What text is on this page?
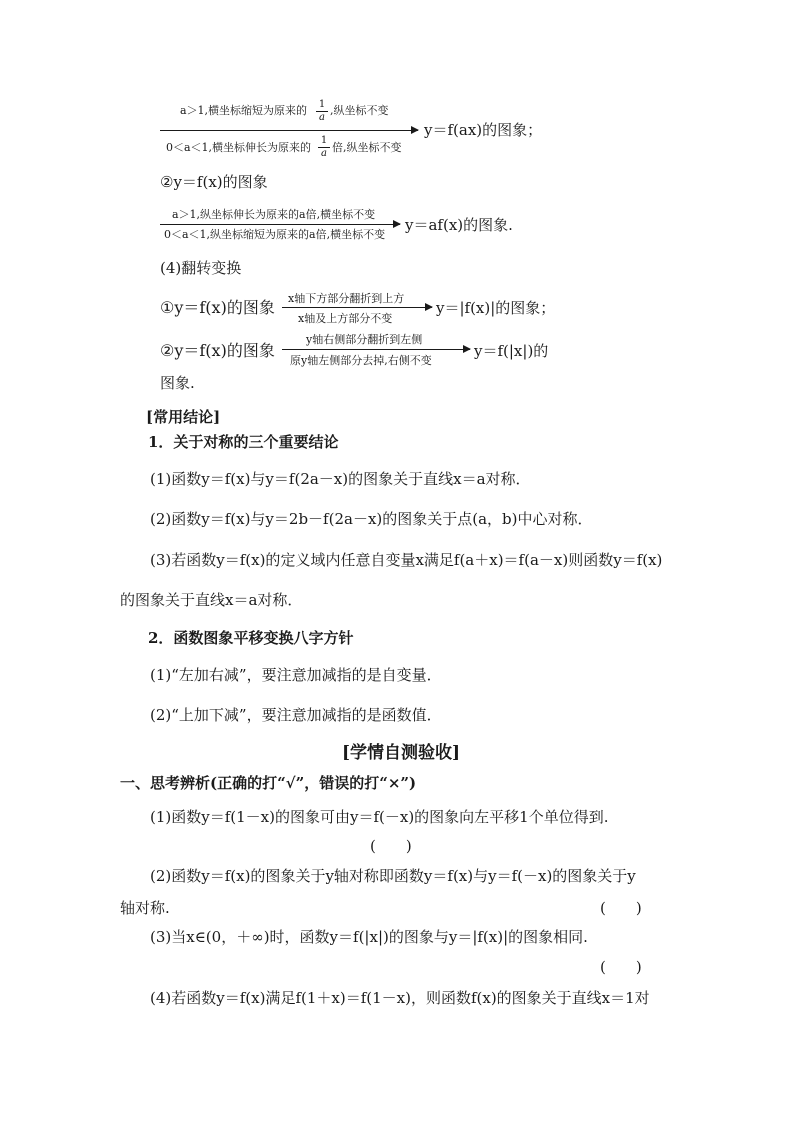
a＞1,横坐标缩短为原来的 $\frac{1}{a}$ ,纵坐标不变
y＝f(ax)的图象；
0＜a＜1,横坐标伸长为原来的 $\frac{1}{a}$ 倍,纵坐标不变
②y＝f(x)的图象
a＞1,纵坐标伸长为原来的a倍,横坐标不变
y＝af(x)的图象.
0＜a＜1,纵坐标缩短为原来的a倍,横坐标不变
(4)翻转变换
①y＝f(x)的图象 x轴下方部分翻折到上方
y＝|f(x)|的图象；
x轴及上方部分不变
②y＝f(x)的图象
y轴右侧部分翻折到左侧
y＝f(|x|)的
原y轴左侧部分去掉,右侧不变
图象.
[常用结论]
1．关于对称的三个重要结论
(1)函数y＝f(x)与y＝f(2a－x)的图象关于直线x＝a对称．
(2)函数y＝f(x)与y＝2b－f(2a－x)的图象关于点(a，b)中心对称．
(3)若函数y＝f(x)的定义域内任意自变量x满足f(a＋x)＝f(a－x)则函数y＝f(x)
的图象关于直线x＝a对称．
2．函数图象平移变换八字方针
(1)“左加右减”，要注意加减指的是自变量．
(2)“上加下减”，要注意加减指的是函数值．
[学情自测验收]
一、思考辨析(正确的打“√”，错误的打“×”)
(1)函数y＝f(1－x)的图象可由y＝f(－x)的图象向左平移1个单位得到.
(　　)
(2)函数y＝f(x)的图象关于y轴对称即函数y＝f(x)与y＝f(－x)的图象关于y
轴对称.	(　　)
(3)当x∈(0，＋∞)时，函数y＝f(|x|)的图象与y＝|f(x)|的图象相同.
(　　)
(4)若函数y＝f(x)满足f(1＋x)＝f(1－x)，则函数f(x)的图象关于直线x＝1对
